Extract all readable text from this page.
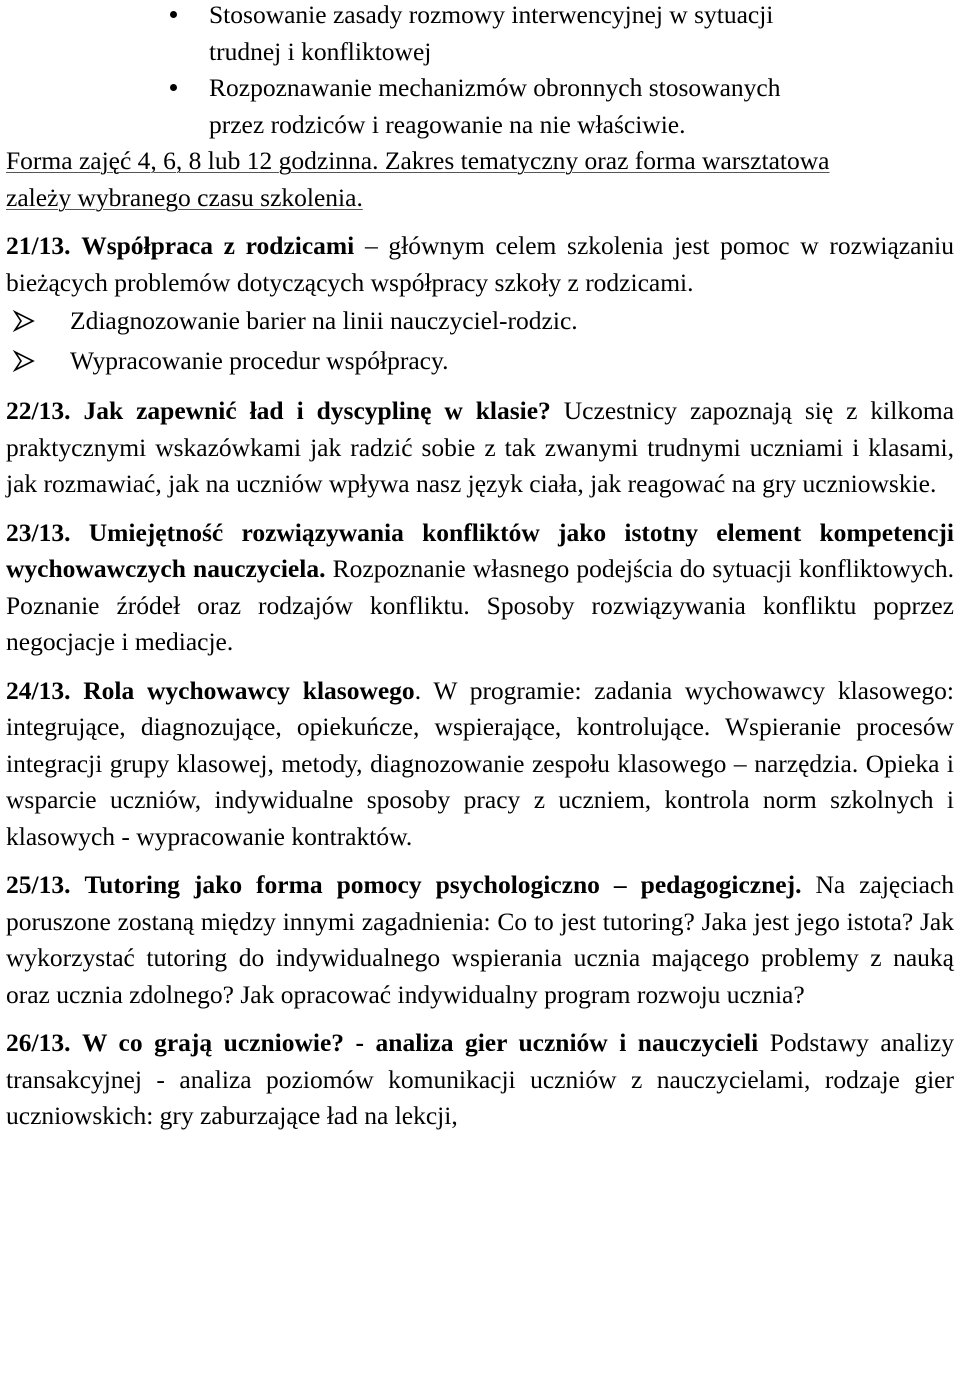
Stosowanie zasady rozmowy interwencyjnej w sytuacji
trudnej i konfliktowej
Rozpoznawanie mechanizmów obronnych stosowanych
przez rodziców i reagowanie na nie właściwie.

Forma zajęć 4, 6, 8 lub 12 godzinna. Zakres tematyczny oraz forma warsztatowa zależy wybranego czasu szkolenia.

21/13. Współpraca z rodzicami – głównym celem szkolenia jest pomoc w rozwiązaniu bieżących problemów dotyczących współpracy szkoły z rodzicami.

Zdiagnozowanie barier na linii nauczyciel-rodzic.
Wypracowanie procedur współpracy.

22/13. Jak zapewnić ład i dyscyplinę w klasie? Uczestnicy zapoznają się z kilkoma praktycznymi wskazówkami jak radzić sobie z tak zwanymi trudnymi uczniami i klasami, jak rozmawiać, jak na uczniów wpływa nasz język ciała, jak reagować na gry uczniowskie.

23/13. Umiejętność rozwiązywania konfliktów jako istotny element kompetencji wychowawczych nauczyciela. Rozpoznanie własnego podejścia do sytuacji konfliktowych. Poznanie źródeł oraz rodzajów konfliktu. Sposoby rozwiązywania konfliktu poprzez negocjacje i mediacje.

24/13. Rola wychowawcy klasowego. W programie: zadania wychowawcy klasowego: integrujące, diagnozujące, opiekuńcze, wspierające, kontrolujące. Wspieranie procesów integracji grupy klasowej, metody, diagnozowanie zespołu klasowego – narzędzia. Opieka i wsparcie uczniów, indywidualne sposoby pracy z uczniem, kontrola norm szkolnych i klasowych - wypracowanie kontraktów.

25/13. Tutoring jako forma pomocy psychologiczno – pedagogicznej. Na zajęciach poruszone zostaną między innymi zagadnienia: Co to jest tutoring? Jaka jest jego istota? Jak wykorzystać tutoring do indywidualnego wspierania ucznia mającego problemy z nauką oraz ucznia zdolnego? Jak opracować indywidualny program rozwoju ucznia?

26/13. W co grają uczniowie? - analiza gier uczniów i nauczycieli Podstawy analizy transakcyjnej - analiza poziomów komunikacji uczniów z nauczycielami, rodzaje gier uczniowskich: gry zaburzające ład na lekcji,
